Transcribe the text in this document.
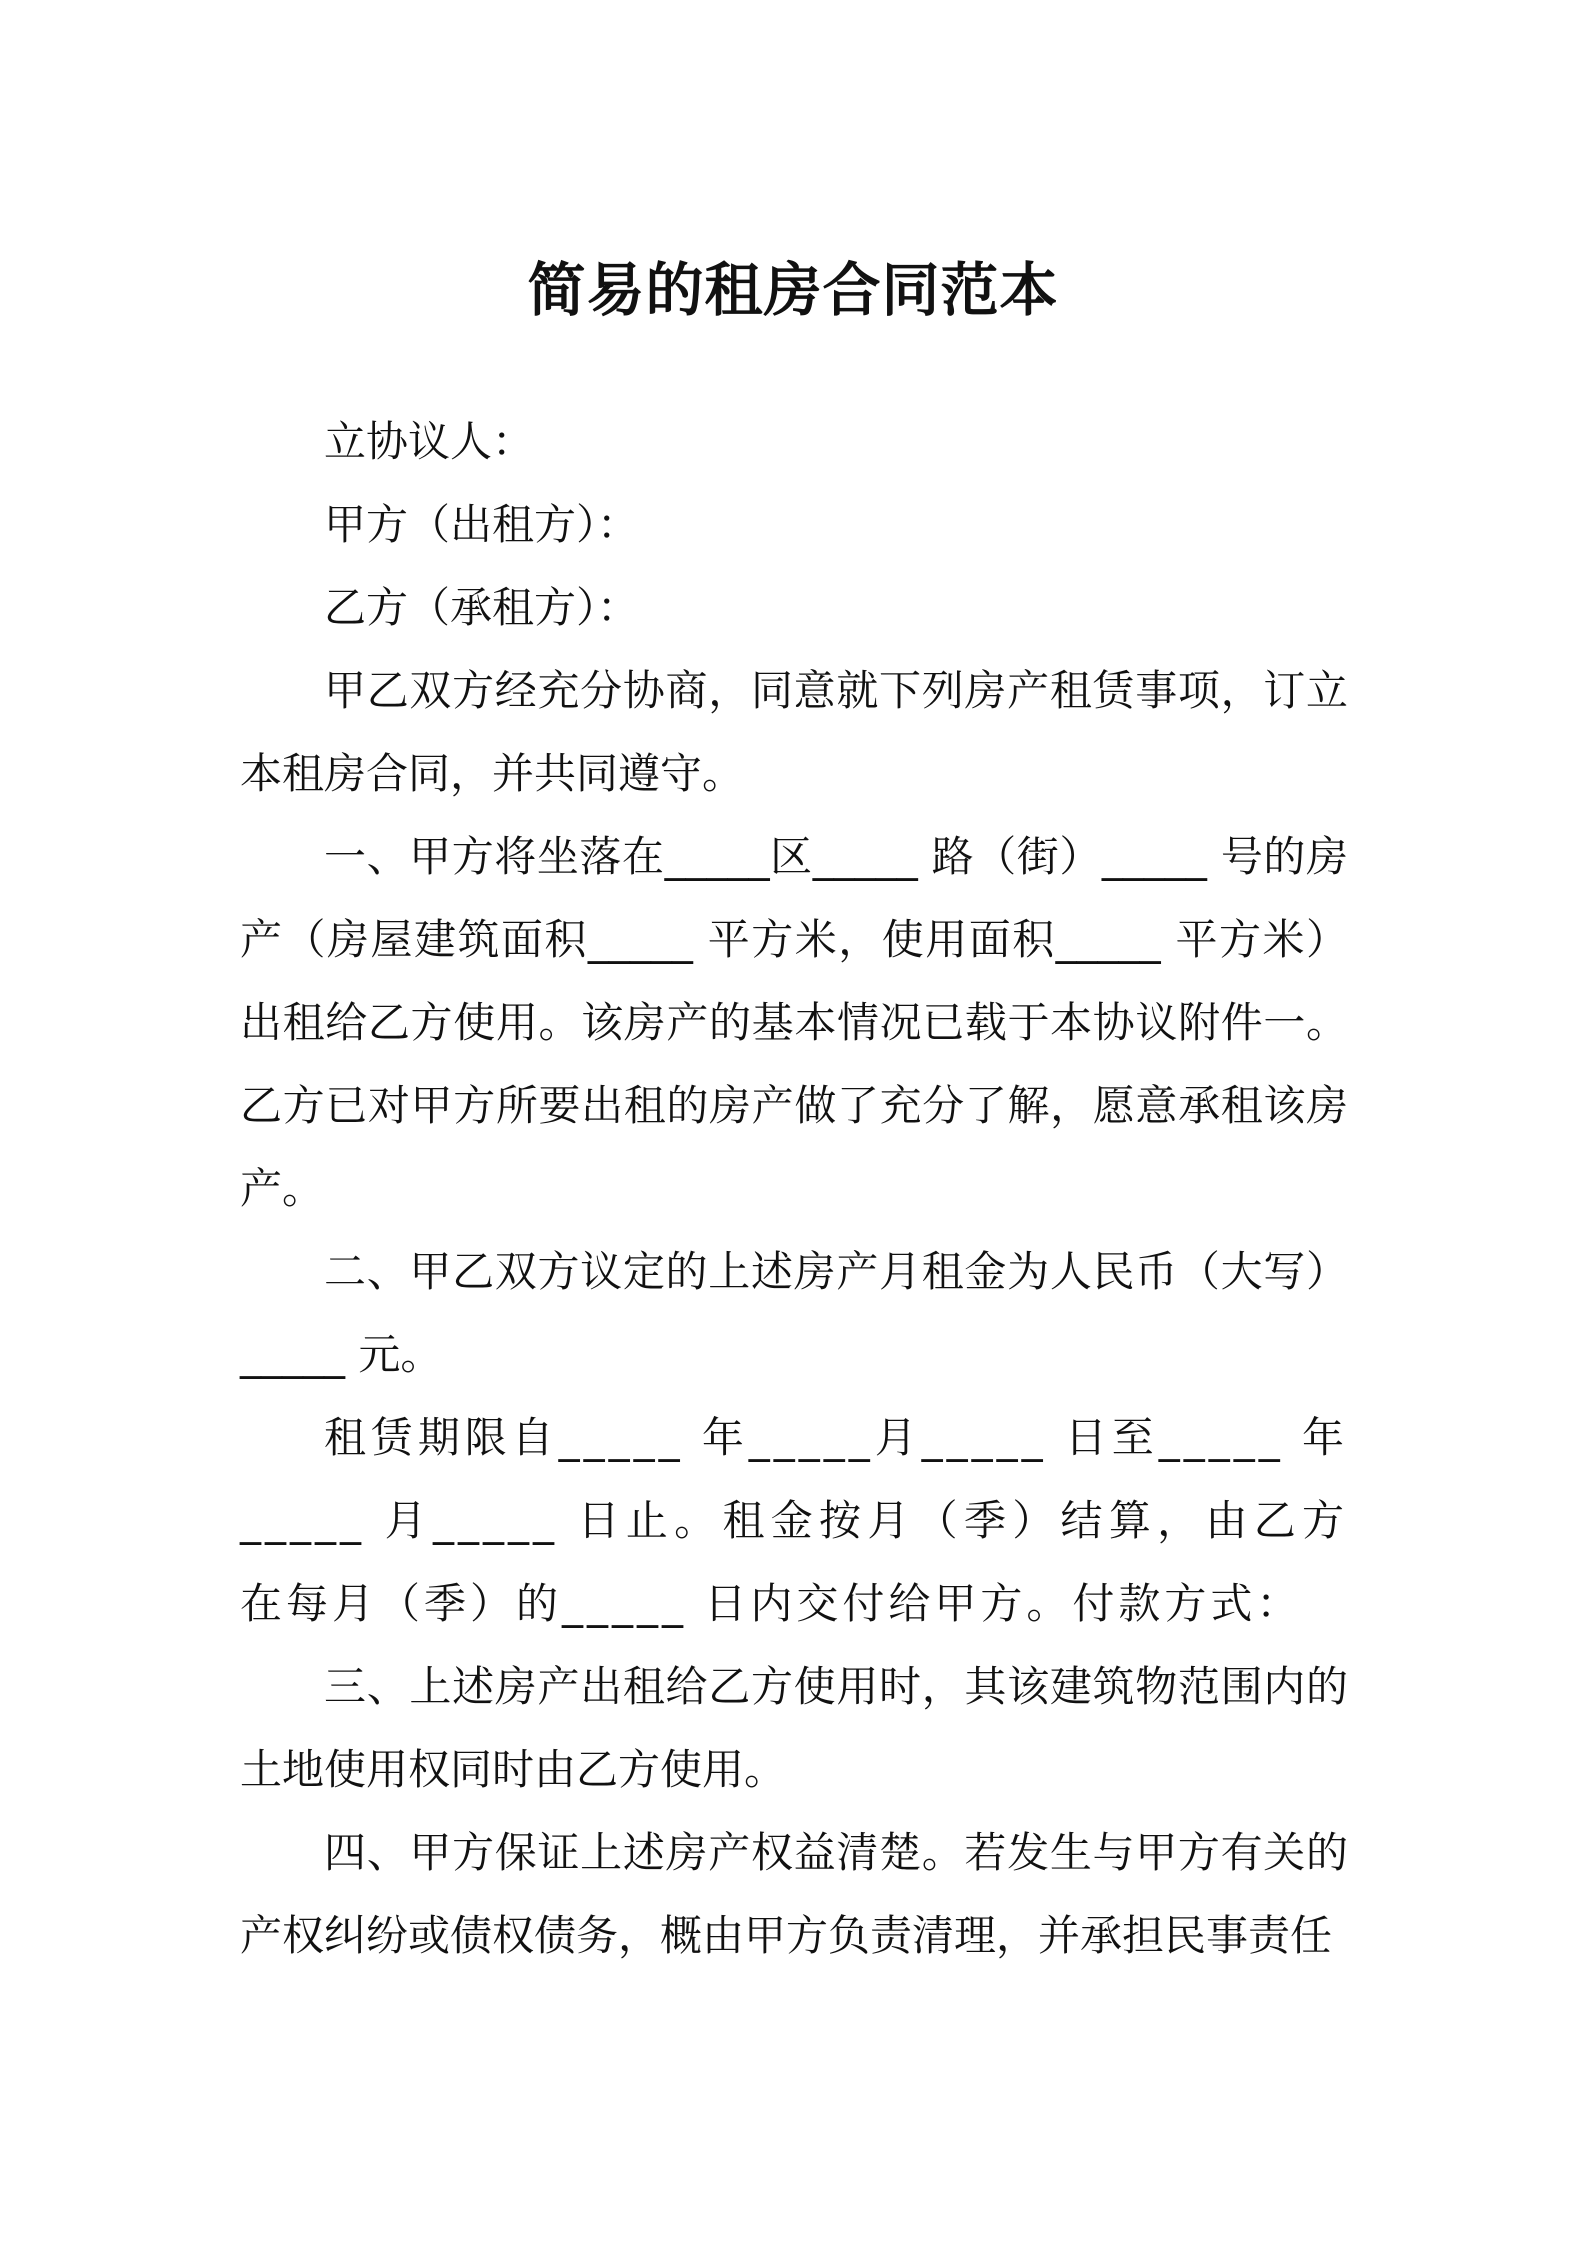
简易的租房合同范本

立协议人：

甲方（出租方）：

乙方（承租方）：

甲乙双方经充分协商，同意就下列房产租赁事项，订立本租房合同，并共同遵守。

一、甲方将坐落在_____区_____ 路（街）_____ 号的房产（房屋建筑面积_____ 平方米，使用面积_____ 平方米）出租给乙方使用。该房产的基本情况已载于本协议附件一。乙方已对甲方所要出租的房产做了充分了解，愿意承租该房产。

二、甲乙双方议定的上述房产月租金为人民币（大写）_____ 元。

租赁期限自_____ 年_____月_____ 日至_____ 年_____ 月_____ 日止。租金按月（季）结算，由乙方在每月（季）的_____ 日内交付给甲方。付款方式：

三、上述房产出租给乙方使用时，其该建筑物范围内的土地使用权同时由乙方使用。

四、甲方保证上述房产权益清楚。若发生与甲方有关的产权纠纷或债权债务，概由甲方负责清理，并承担民事责任
